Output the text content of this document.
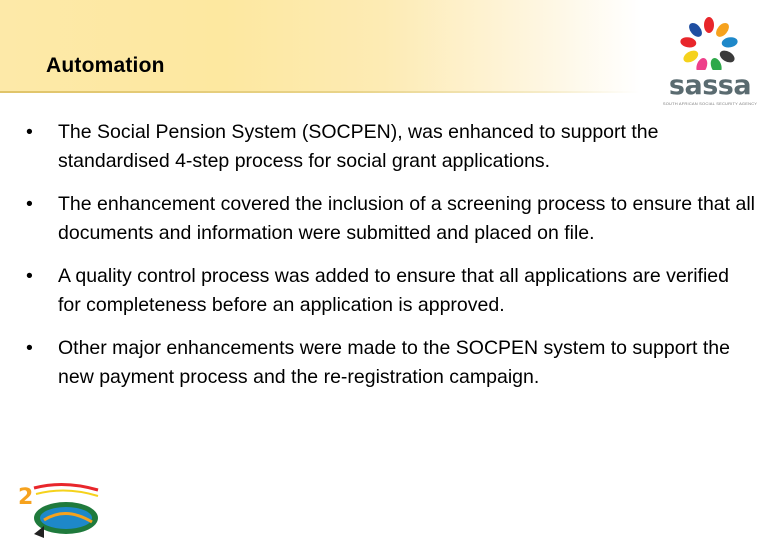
Automation
sassa
SOUTH AFRICAN SOCIAL SECURITY AGENCY
• The Social Pension System (SOCPEN), was enhanced to support the standardised 4-step process for social grant applications.
• The enhancement covered the inclusion of a screening process to ensure that all documents and information were submitted and placed on file.
• A quality control process was added to ensure that all applications are verified for completeness before an application is approved.
• Other major enhancements were made to the SOCPEN system to support the new payment process and the re-registration campaign.
2
